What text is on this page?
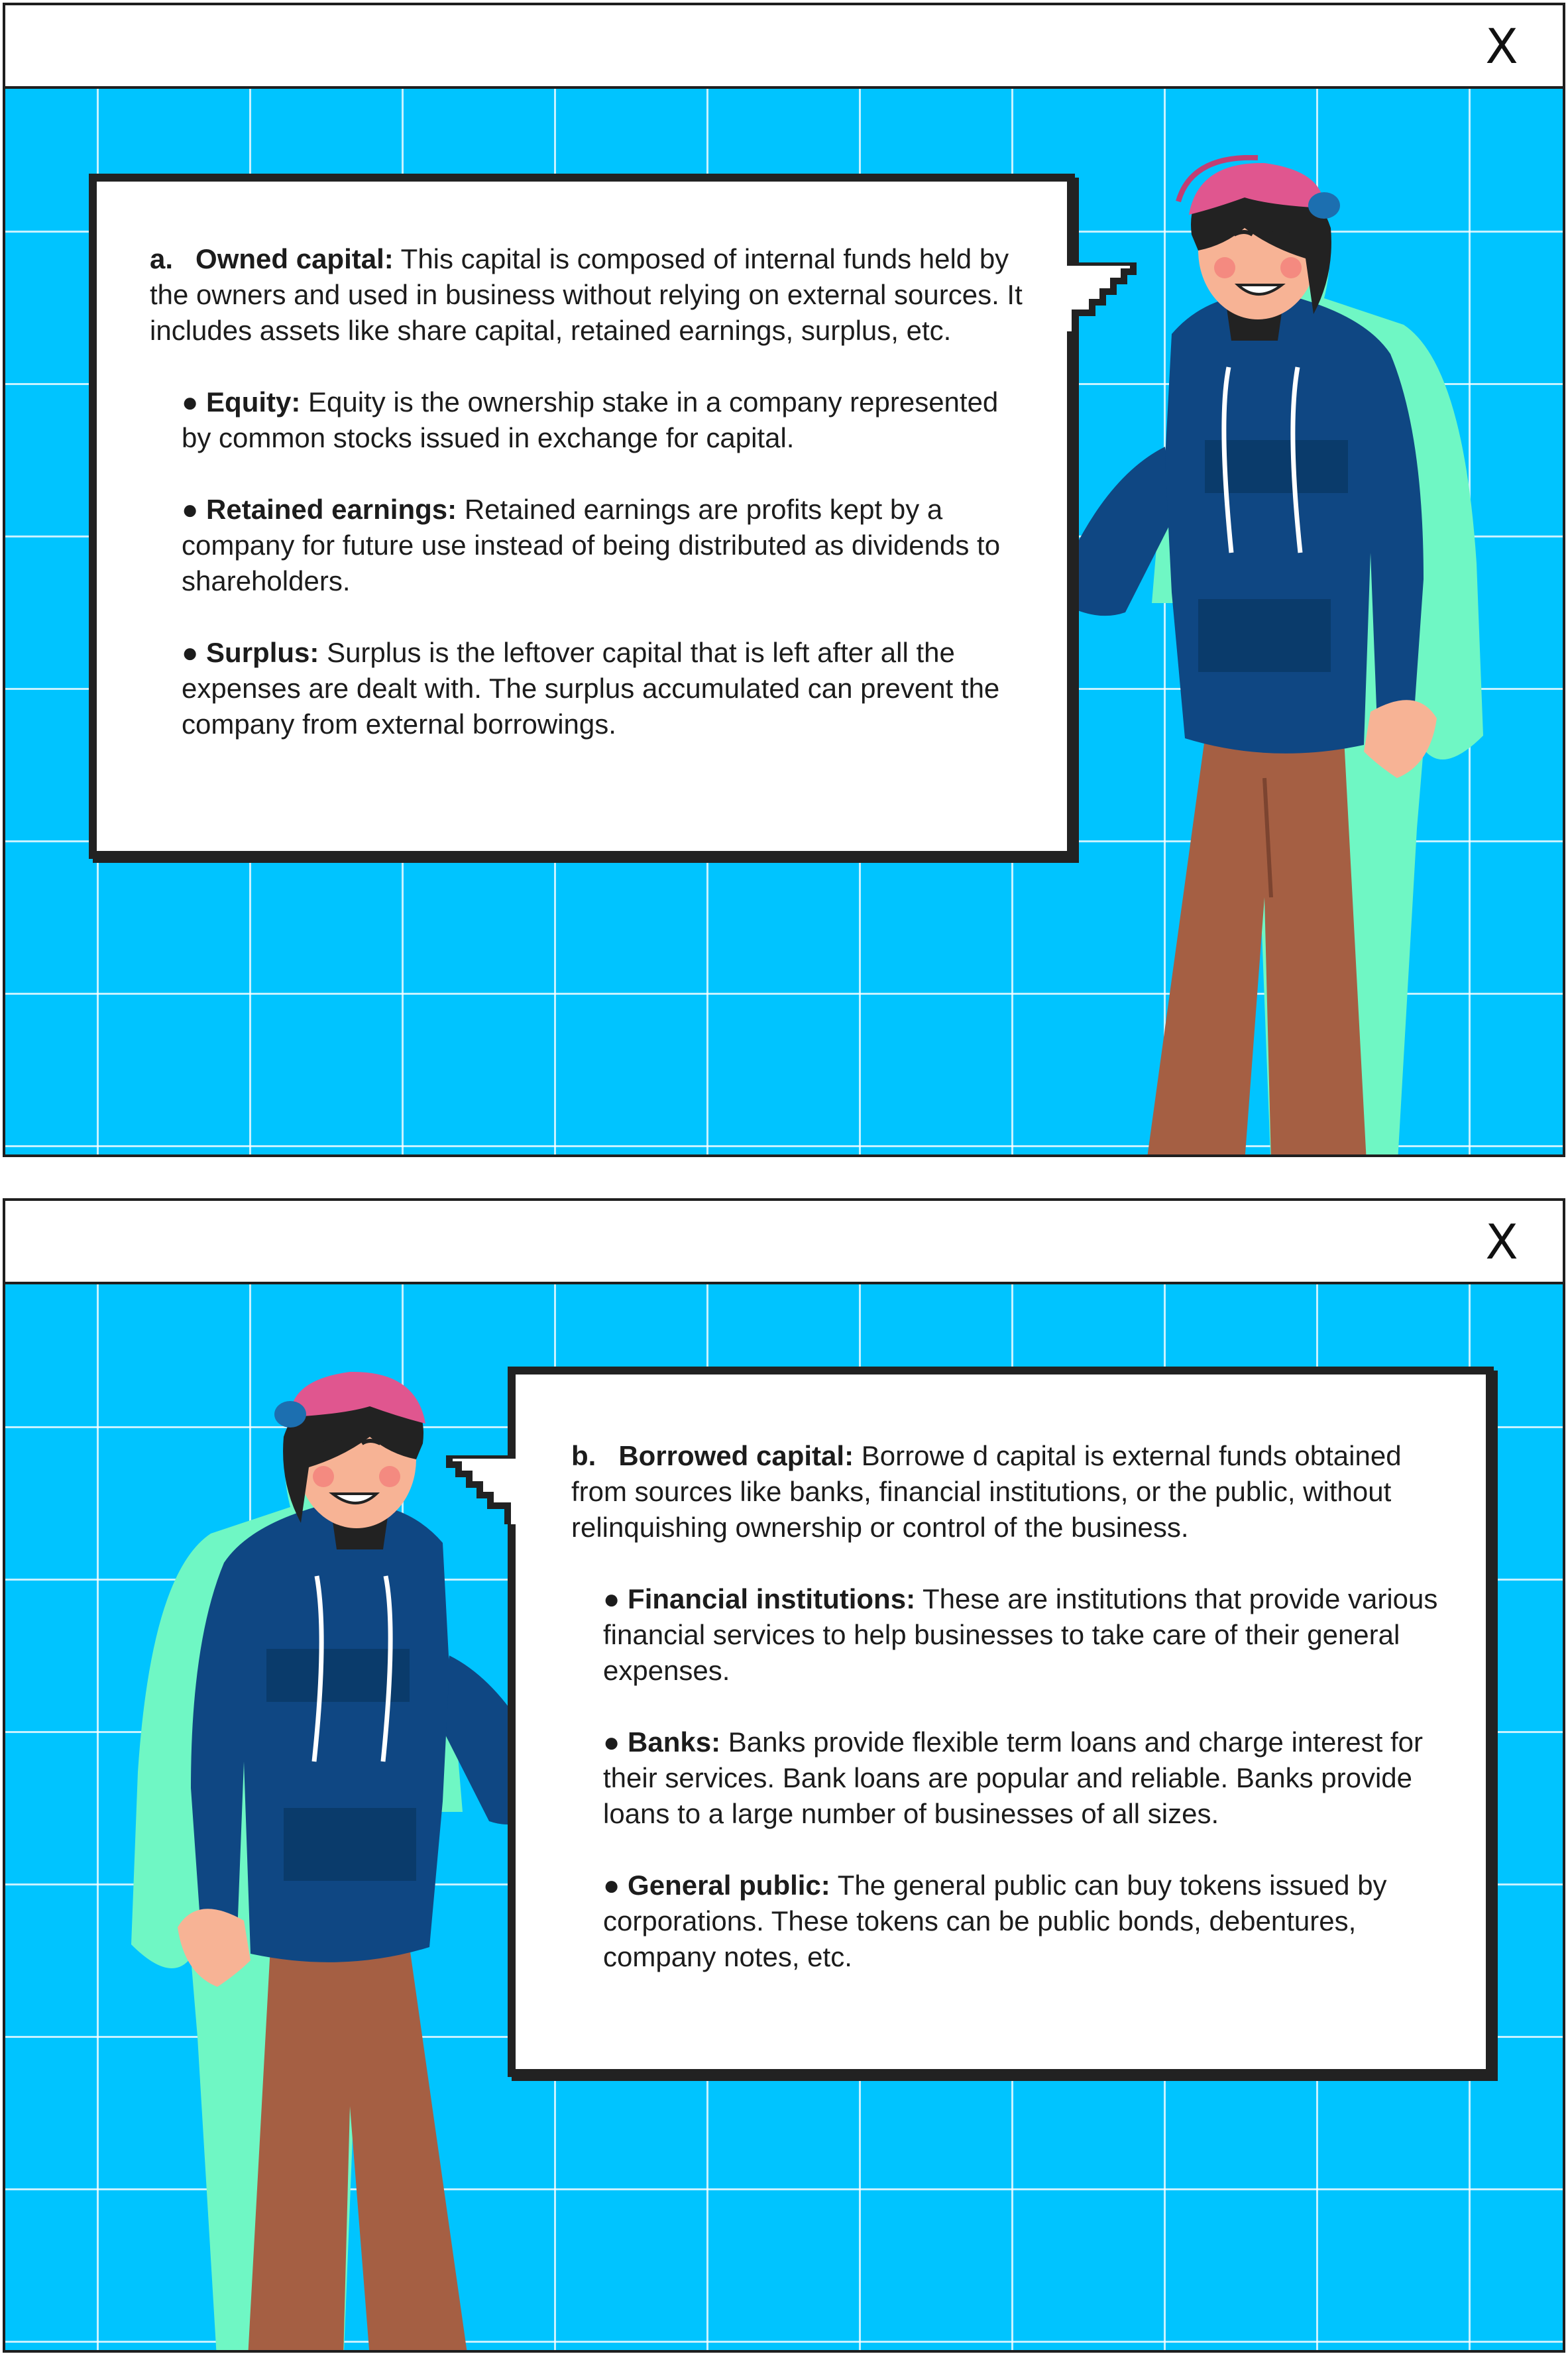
X

a. Owned capital: This capital is composed of internal funds held by the owners and used in business without relying on external sources. It includes assets like share capital, retained earnings, surplus, etc.

● Equity: Equity is the ownership stake in a company represented by common stocks issued in exchange for capital.

● Retained earnings: Retained earnings are profits kept by a company for future use instead of being distributed as dividends to shareholders.

● Surplus: Surplus is the leftover capital that is left after all the expenses are dealt with. The surplus accumulated can prevent the company from external borrowings.

X

b. Borrowed capital: Borrowe d capital is external funds obtained from sources like banks, financial institutions, or the public, without relinquishing ownership or control of the business.

● Financial institutions: These are institutions that provide various financial services to help businesses to take care of their general expenses.

● Banks: Banks provide flexible term loans and charge interest for their services. Bank loans are popular and reliable. Banks provide loans to a large number of businesses of all sizes.

● General public: The general public can buy tokens issued by corporations. These tokens can be public bonds, debentures, company notes, etc.
